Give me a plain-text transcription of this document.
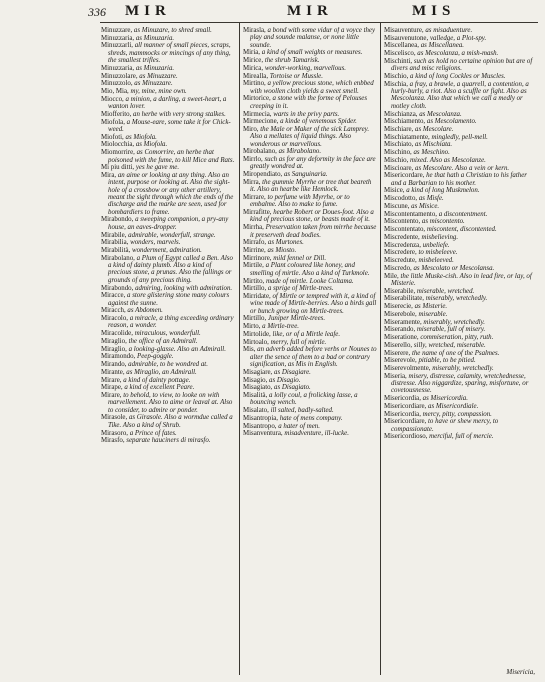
336 MIR	MIR	MIS

Minuzzare, as Minuzare, to shred small.

Minuzzaria, as Minuzaria.

Minuzzarli, all manner of small pieces, scraps, shreds, mammocks or mincings of any thing, the smallest trifles.

Minuzzaria, as Minuzaria.

Minuzzolare, as Minuzzare.

Minuzzolo, as Minuzzare.

Mio, Mia, my, mine, mine own.

Miocco, a minion, a darling, a sweet-heart, a wanton lover.

Miofferito, an herbe with very strong stalkes.

Miofola, a Mouse-eare, some take it for Chick-weed.

Miofoti, as Miofola.

Miolocchia, as Miofola.

Miomorrire, as Comorrire, an herbe that poisoned with the fume, to kill Mice and Rats.

Mi piu ditti, yes he gave me.

Mira, an aime or looking at any thing. Also an intent, purpose or looking at. Also the sight-hole of a crossbow or any other artillery, meant the sight through which the ends of the discharge and the marke are seen, used for bombardiers to frame.

Mirabondo, a sweeping companion, a pry-any house, an eaves-dropper.

Mirabile, admirable, wonderfull, strange.

Mirabilia, wonders, marvels.

Mirabilità, wonderment, admiration.

Mirabolano, a Plum of Egypt called a Ben. Also a kind of dainty plumb. Also a kind of precious stone, a prunas. Also the fallings or grounds of any precious thing.

Mirabondo, admiring, looking with admiration.

Miracce, a store glistering stone many colours against the sunne.

Miracch, as Abdomen.

Miracolo, a miracle, a thing exceeding ordinary reason, a wonder.

Miracolide, miraculous, wonderfull.

Miraglio, the office of an Admirall.

Miraglio, a looking-glasse. Also an Admirall.

Miramondo, Peep-goggle.

Mirando, admirable, to be wondred at.

Mirante, as Miraglio, an Admirall.

Mirare, a kind of dainty pottage.

Mirape, a kind of excellent Peare.

Mirare, to behold, to view, to looke on with marvellement. Also to aime or leaval at. Also to consider, to admire or ponder.

Mirasole, as Girasole. Also a wormdue called a Tike. Also a kind of Shrub.

Mirasoro, a Prince of fates.

Mirasfo, separate hauciners di mirasfo.

Mirasla, a bond with some vidur of a voyce they play and sounde malanse, or none little sounde.

Miria, a kind of small weights or measures.

Mirice, the shrub Tamarisk.

Mirica, wonder-working, marvellous.

Mirealla, Tortoise or Mussle.

Mirtino, a yellow precious stone, which enbbed with woollen cloth yields a sweet smell.

Mirtorice, a stone with the forme of Pelouses creeping in it.

Mirmecia, warts in the privy parts.

Mirmecione, a kinde of venemous Spider.

Miro, the Male or Maker of the sick Lamprey. Also a mellates of liquid things. Also wonderous or marvellous.

Mirobalano, as Mirabolano.

Mirrlo, such as for any deformity in the face are greatly wondred at.

Miropendiato, as Sanguinaria.

Mirra, the gummie Myrrhe or tree that beareth it. Also an hearbe like Hemlock.

Mirrare, to perfume with Myrrhe, or to embalme. Also to make to fume.

Mirrafitte, hearbe Robert or Doues-foot. Also a kind of precious stone, or beasts made of it.

Mirrha, Preservation taken from mirrhe because it preserveth dead bodies.

Mirrafo, as Murtones.

Mirrine, as Miosto.

Mirrinore, mild fennel or Dill.

Mirtile, a Plant coloured like honey, and smelling of mirtle. Also a kind of Turkmole.

Mirtito, made of mirtle. Looke Coltama.

Mirtillo, a sprige of Mirtle-trees.

Mirridate, of Mirtle or tempred with it, a kind of wine made of Mirtle-berries. Also a birds gall or bunch growing on Mirtle-trees.

Mirtillo, Juniper Mirtle-trees.

Mirto, a Mirtle-tree.

Mirtolide, like, or of a Mirtle leafe.

Mirtoalo, merry, full of mirtle.

Mis, an adverb added before verbs or Nounes to alter the sence of them to a bad or contrary signification, as Mis in English.

Misagiare, as Disagiare.

Misagio, as Disagio.

Misagiato, as Disagiato.

Misalità, a lolly coul, a frolicking lasse, a bouncing wench.

Misalato, ill salted, badly-salted.

Misantropia, hate of mens company.

Misantropo, a hater of men.

Misanventura, misadventure, ill-lucke.

Misauventure, as misaduenture.

Misauvenutone, valledge, a Plot-spy.

Miscellanea, as Miscellanea.

Miscelisco, as Mescolanza, a mish-mash.

Mischinti, such as hold no certaine opinion but are of divers and misc religions.

Mischio, a kind of long Cockles or Muscles.

Mischia, a fray, a brawle, a quarrell, a contention, a hurly-burly, a riot. Also a scuffle or fight. Also as Mescolanza. Also that which we call a medly or motley cloth.

Mischianza, as Mescolanza.

Mischiamento, as Mescolamento.

Mischiare, as Mescolare.

Mischiatamente, mingledly, pell-mell.

Mischiato, as Mischiata.

Mischino, as Meschino.

Mischio, mixed. Also as Mescolanze.

Miscioare, as Mescolare. Also a vein or kern.

Misericordare, he that hath a Christian to his father and a Barbarian to his mother.

Misice, a kind of long Muskmelon.

Miscodotto, as Misfe.

Miscune, as Misice.

Miscontentamento, a discontentment.

Miscontento, as miscontento.

Miscontentato, miscontent, discontented.

Miscredente, misbelieving.

Miscredenza, unbeliefe.

Miscredere, to misbeleeve.

Miscredute, misbeleeved.

Miscredo, as Mescolato or Mescolansa.

Mile, the little Muske-cish. Also in lead fire, or lay, of Misterie.

Miserabile, miserable, wretched.

Miserabilitate, miserably, wretchedly.

Miserecie, as Misterie.

Miserebole, miserable.

Miseramente, miserably, wretchedly.

Miserando, miserable, full of misery.

Miseratione, commiseration, pitty, ruth.

Miserello, silly, wretched, miserable.

Miserere, the name of one of the Psalmes.

Miserevole, pitiable, to be pitied.

Miserevolmente, miserably, wretchedly.

Miseria, misery, distresse, calamity, wretchednesse, distresse. Also niggardize, sparing, misfortune, or covetousnesse.

Misericordia, as Misericordia.

Misericordiare, as Misericordiale.

Misericordia, mercy, pitty, compassion.

Misericordiare, to have or shew mercy, to compassionate.

Misericordioso, merciful, full of mercie.

Misericia,
